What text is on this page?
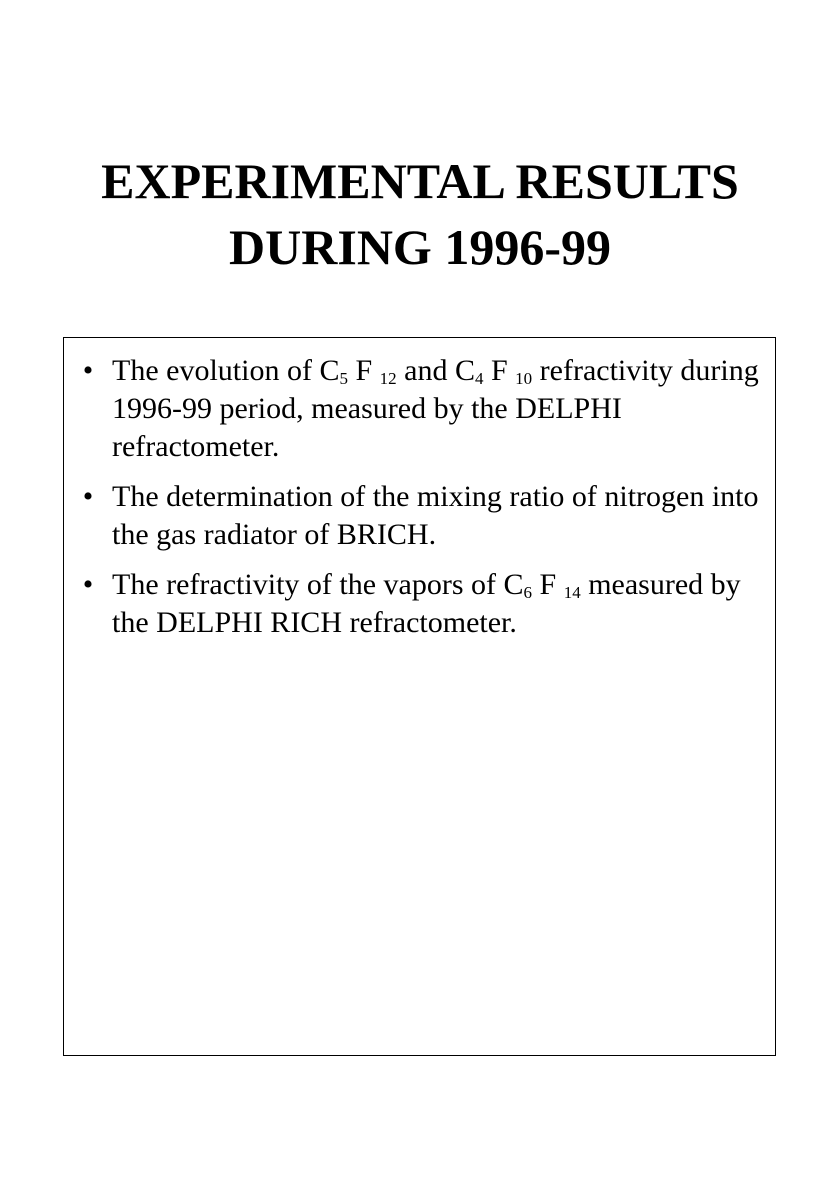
EXPERIMENTAL RESULTS
DURING 1996-99
• The evolution of $C_5$ F $_{12}$ and $C_4$ F $_{10}$ refractivity during 1996-99 period, measured by the DELPHI refractometer.
• The determination of the mixing ratio of nitrogen into the gas radiator of BRICH.
• The refractivity of the vapors of $C_6$ F $_{14}$ measured by the DELPHI RICH refractometer.
